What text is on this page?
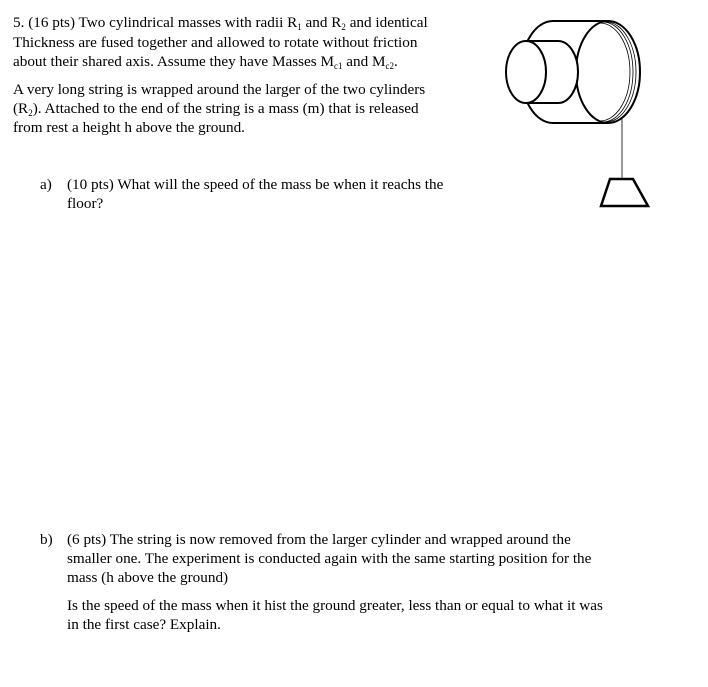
5. (16 pts) Two cylindrical masses with radii $R_1$ and $R_2$ and identical
Thickness are fused together and allowed to rotate without friction
about their shared axis. Assume they have Masses $M_{c1}$ and $M_{c2}$.
A very long string is wrapped around the larger of the two cylinders
$(R_2)$. Attached to the end of the string is a mass (m) that is released
from rest a height h above the ground.
a) (10 pts) What will the speed of the mass be when it reachs the
floor?
b) (6 pts) The string is now removed from the larger cylinder and wrapped around the
smaller one. The experiment is conducted again with the same starting position for the
mass (h above the ground)
Is the speed of the mass when it hist the ground greater, less than or equal to what it was
in the first case? Explain.
